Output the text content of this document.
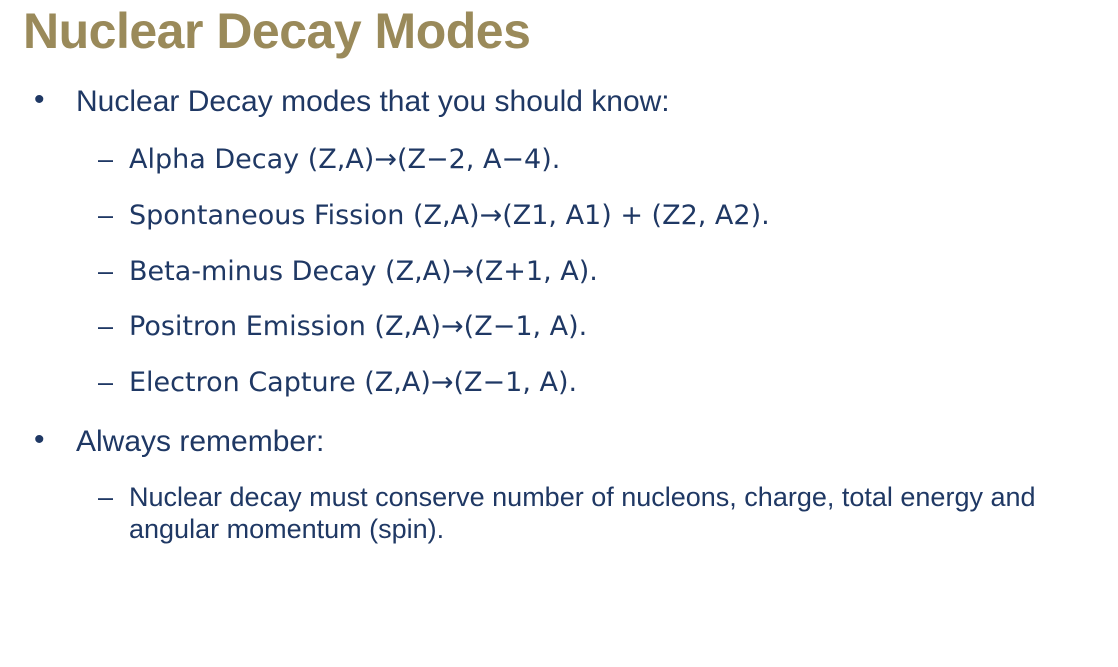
Nuclear Decay Modes
• Nuclear Decay modes that you should know:
– Alpha Decay (Z,A)→(Z−2, A−4).
– Spontaneous Fission (Z,A)→(Z1, A1) + (Z2, A2).
– Beta-minus Decay (Z,A)→(Z+1, A).
– Positron Emission (Z,A)→(Z−1, A).
– Electron Capture (Z,A)→(Z−1, A).
• Always remember:
– Nuclear decay must conserve number of nucleons, charge, total energy and angular momentum (spin).
